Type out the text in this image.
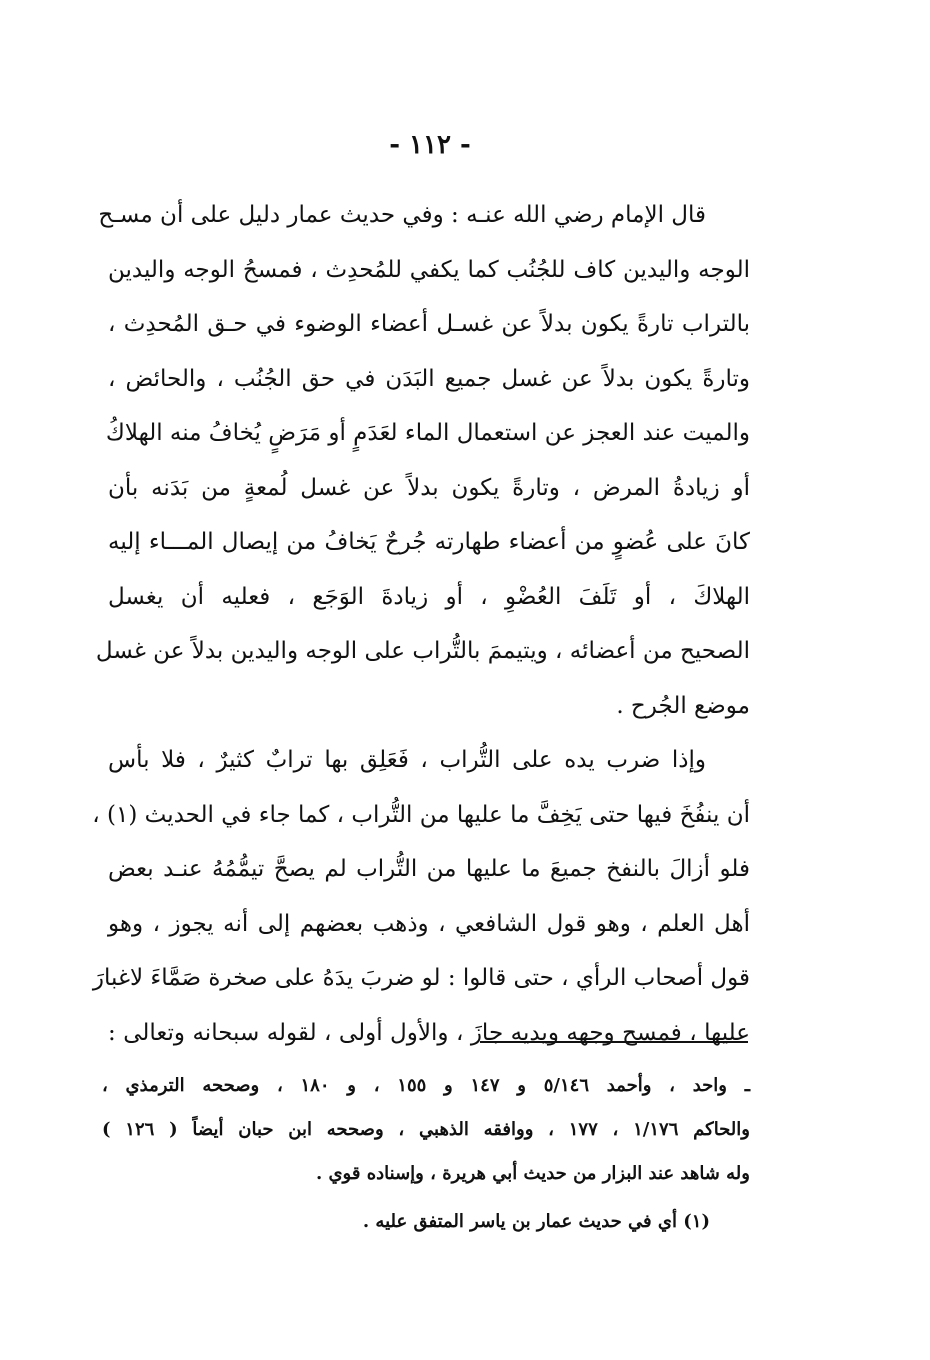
- ١١٢ -
قال الإمام رضي الله عنـه : وفي حديث عمار دليل على أن مسـح
الوجه واليدين كاف للجُنُب كما يكفي للمُحدِث ، فمسحُ الوجه واليدين
بالتراب تارةً يكون بدلاً عن غسـل أعضاء الوضوء في حـق المُحدِث ،
وتارةً يكون بدلاً عن غسل جميع البَدَن في حق الجُنُب ، والحائض ،
والميت عند العجز عن استعمال الماء لعَدَمٍ أو مَرَضٍ يُخافُ منه الهلاكُ
أو زيادةُ المرض ، وتارةً يكون بدلاً عن غسل لُمعةٍ من بَدَنه بأن
كانَ على عُضوٍ من أعضاء طهارته جُرحٌ يَخافُ من إيصال المـــاء إليه
الهلاكَ ، أو تَلَفَ العُضْوِ ، أو زيادةَ الوَجَع ، فعليه أن يغسل
الصحيح من أعضائه ، ويتيممَ بالتُّراب على الوجه واليدين بدلاً عن غسل
موضع الجُرح .
وإذا ضرب يده على التُّراب ، فَعَلِق بها ترابٌ كثيرٌ ، فلا بأس
أن ينفُخَ فيها حتى يَخِفَّ ما عليها من التُّراب ، كما جاء في الحديث (١) ،
فلو أزالَ بالنفخ جميعَ ما عليها من التُّراب لم يصحَّ تيمُّمُهُ عنـد بعض
أهل العلم ، وهو قول الشافعي ، وذهب بعضهم إلى أنه يجوز ، وهو
قول أصحاب الرأي ، حتى قالوا : لو ضربَ يدَهُ على صخرة صَمَّاءَ لاغبارَ
عليها ، فمسح وجهه ويديه جازَ ، والأول أولى ، لقوله سبحانه وتعالى :
ـ واحد ، وأحمد ٥/١٤٦ و ١٤٧ و ١٥٥ ، و ١٨٠ ، وصححه الترمذي ،
والحاكم ١/١٧٦ ، ١٧٧ ، ووافقه الذهبي ، وصححه ابن حبان أيضاً ( ١٢٦ )
وله شاهد عند البزار من حديث أبي هريرة ، وإسناده قوي .
(١) أي في حديث عمار بن ياسر المتفق عليه .
